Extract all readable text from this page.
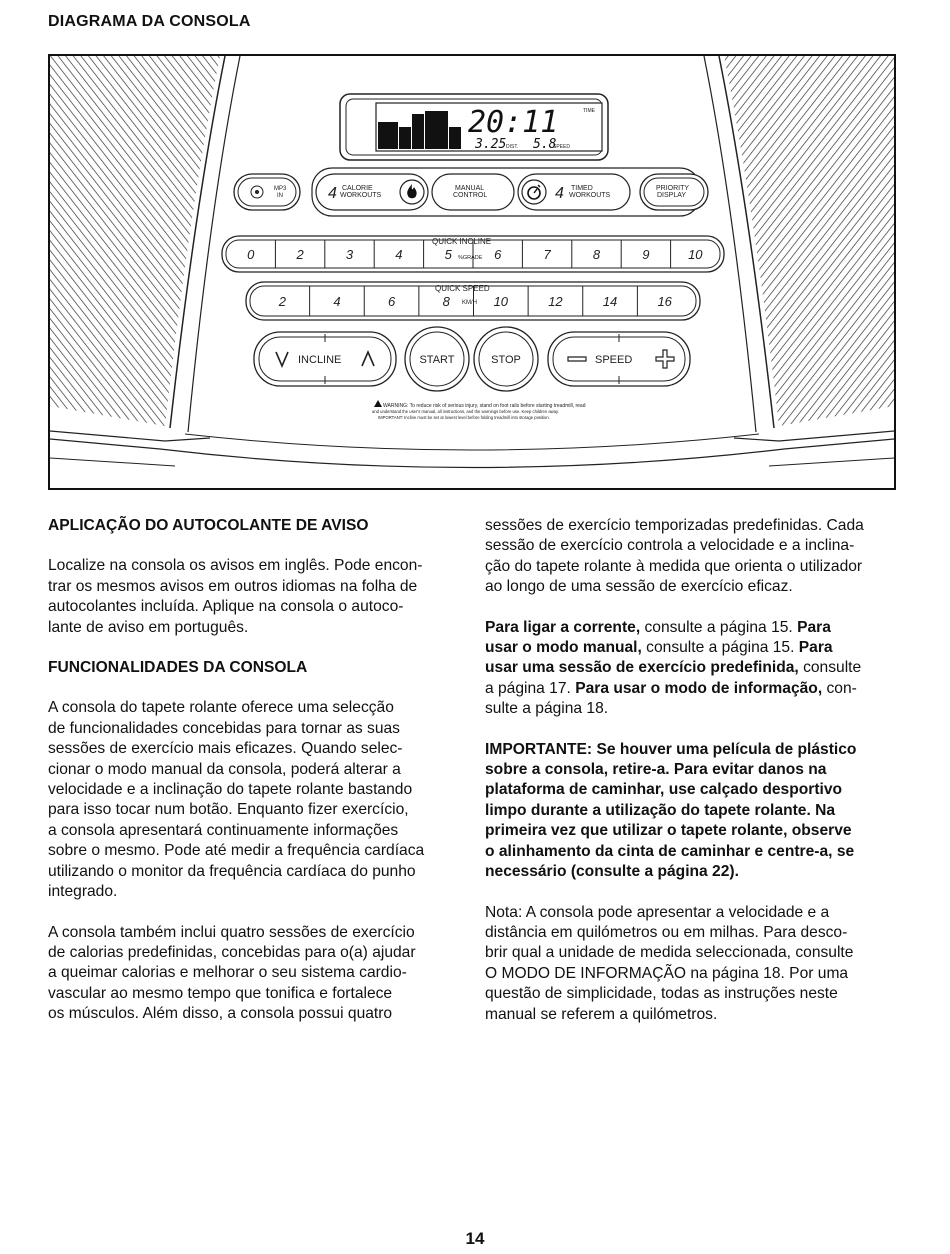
DIAGRAMA DA CONSOLA
20:11	TIME
3.25 DIST. 5.8
SPEED
MP3
IN	4 CALORIE
WORKOUTS
MANUAL
CONTROL	4 TIMED
WORKOUTS
PRIORITY
DISPLAY
QUICK INCLINE
%GRADE
0	2	3	4	5	6	7	8	9	10
QUICK SPEED
KM/H
2	4	6	8	10	12	14	16
INCLINE	START	STOP	SPEED
WARNING: To reduce risk of serious injury, stand on foot rails before starting treadmill, read
and understand the user's manual, all instructions, and the warnings before use. Keep children away.
IMPORTANT: Incline must be set at lowest level before folding treadmill into storage position.
APLICAÇÃO DO AUTOCOLANTE DE AVISO

Localize na consola os avisos em inglês. Pode encon-
trar os mesmos avisos em outros idiomas na folha de
autocolantes incluída. Aplique na consola o autoco-
lante de aviso em português.

FUNCIONALIDADES DA CONSOLA

A consola do tapete rolante oferece uma selecção
de funcionalidades concebidas para tornar as suas
sessões de exercício mais eficazes. Quando selec-
cionar o modo manual da consola, poderá alterar a
velocidade e a inclinação do tapete rolante bastando
para isso tocar num botão. Enquanto fizer exercício,
a consola apresentará continuamente informações
sobre o mesmo. Pode até medir a frequência cardíaca
utilizando o monitor da frequência cardíaca do punho
integrado.

A consola também inclui quatro sessões de exercício
de calorias predefinidas, concebidas para o(a) ajudar
a queimar calorias e melhorar o seu sistema cardio-
vascular ao mesmo tempo que tonifica e fortalece
os músculos. Além disso, a consola possui quatro

sessões de exercício temporizadas predefinidas. Cada
sessão de exercício controla a velocidade e a inclina-
ção do tapete rolante à medida que orienta o utilizador
ao longo de uma sessão de exercício eficaz.

Para ligar a corrente, consulte a página 15. Para
usar o modo manual, consulte a página 15. Para
usar uma sessão de exercício predefinida, consulte
a página 17. Para usar o modo de informação, con-
sulte a página 18.

IMPORTANTE: Se houver uma película de plástico
sobre a consola, retire-a. Para evitar danos na
plataforma de caminhar, use calçado desportivo
limpo durante a utilização do tapete rolante. Na
primeira vez que utilizar o tapete rolante, observe
o alinhamento da cinta de caminhar e centre-a, se
necessário (consulte a página 22).

Nota: A consola pode apresentar a velocidade e a
distância em quilómetros ou em milhas. Para desco-
brir qual a unidade de medida seleccionada, consulte
O MODO DE INFORMAÇÃO na página 18. Por uma
questão de simplicidade, todas as instruções neste
manual se referem a quilómetros.

14
